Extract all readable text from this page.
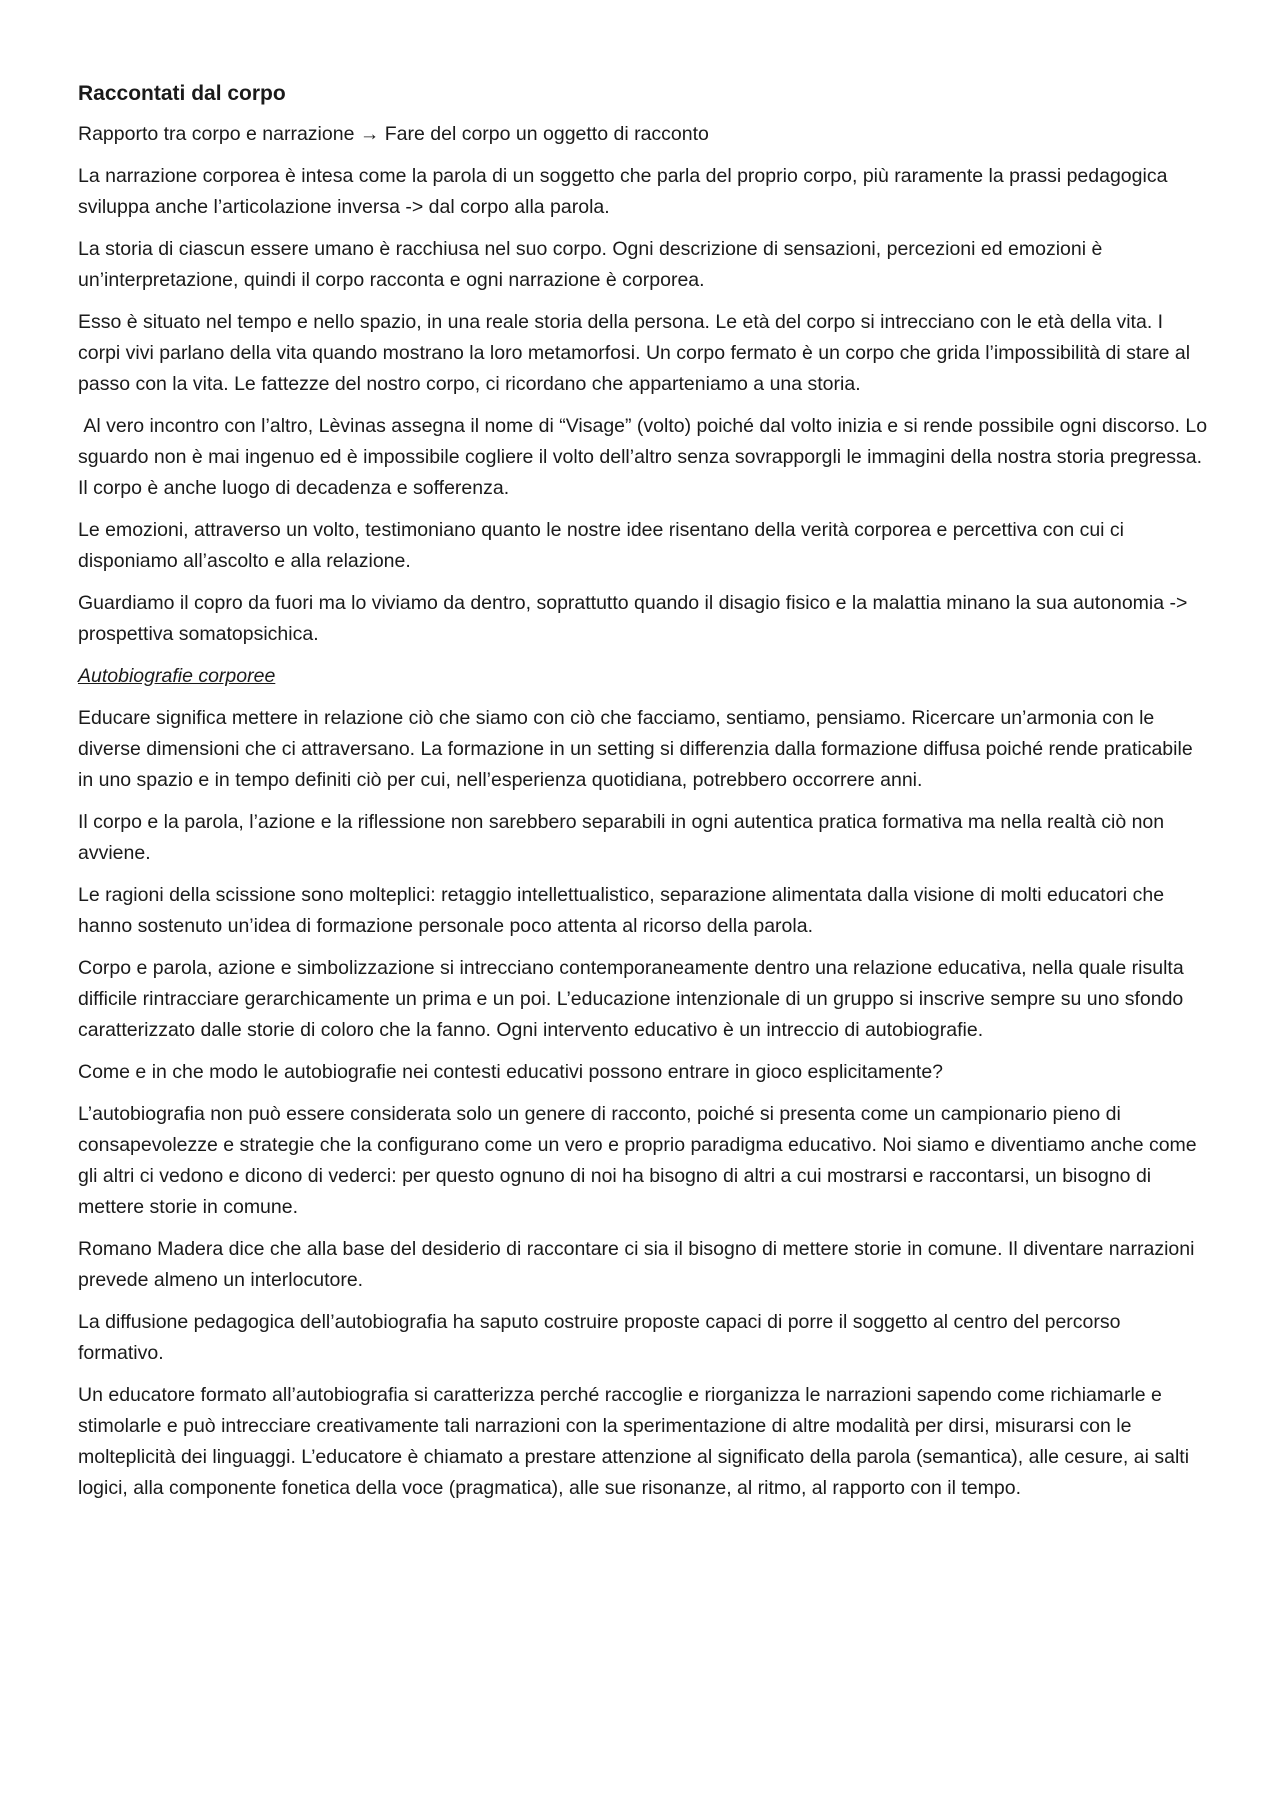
Raccontati dal corpo

Rapporto tra corpo e narrazione → Fare del corpo un oggetto di racconto

La narrazione corporea è intesa come la parola di un soggetto che parla del proprio corpo, più raramente la prassi pedagogica sviluppa anche l’articolazione inversa -> dal corpo alla parola.

La storia di ciascun essere umano è racchiusa nel suo corpo. Ogni descrizione di sensazioni, percezioni ed emozioni è un’interpretazione, quindi il corpo racconta e ogni narrazione è corporea.

Esso è situato nel tempo e nello spazio, in una reale storia della persona. Le età del corpo si intrecciano con le età della vita. I corpi vivi parlano della vita quando mostrano la loro metamorfosi. Un corpo fermato è un corpo che grida l’impossibilità di stare al passo con la vita. Le fattezze del nostro corpo, ci ricordano che apparteniamo a una storia.

Al vero incontro con l’altro, Lèvinas assegna il nome di “Visage” (volto) poiché dal volto inizia e si rende possibile ogni discorso. Lo sguardo non è mai ingenuo ed è impossibile cogliere il volto dell’altro senza sovrapporgli le immagini della nostra storia pregressa. Il corpo è anche luogo di decadenza e sofferenza.

Le emozioni, attraverso un volto, testimoniano quanto le nostre idee risentano della verità corporea e percettiva con cui ci disponiamo all’ascolto e alla relazione.

Guardiamo il copro da fuori ma lo viviamo da dentro, soprattutto quando il disagio fisico e la malattia minano la sua autonomia -> prospettiva somatopsichica.

Autobiografie corporee

Educare significa mettere in relazione ciò che siamo con ciò che facciamo, sentiamo, pensiamo. Ricercare un’armonia con le diverse dimensioni che ci attraversano. La formazione in un setting si differenzia dalla formazione diffusa poiché rende praticabile in uno spazio e in tempo definiti ciò per cui, nell’esperienza quotidiana, potrebbero occorrere anni.

Il corpo e la parola, l’azione e la riflessione non sarebbero separabili in ogni autentica pratica formativa ma nella realtà ciò non avviene.

Le ragioni della scissione sono molteplici: retaggio intellettualistico, separazione alimentata dalla visione di molti educatori che hanno sostenuto un’idea di formazione personale poco attenta al ricorso della parola.

Corpo e parola, azione e simbolizzazione si intrecciano contemporaneamente dentro una relazione educativa, nella quale risulta difficile rintracciare gerarchicamente un prima e un poi. L’educazione intenzionale di un gruppo si inscrive sempre su uno sfondo caratterizzato dalle storie di coloro che la fanno. Ogni intervento educativo è un intreccio di autobiografie.

Come e in che modo le autobiografie nei contesti educativi possono entrare in gioco esplicitamente?

L’autobiografia non può essere considerata solo un genere di racconto, poiché si presenta come un campionario pieno di consapevolezze e strategie che la configurano come un vero e proprio paradigma educativo. Noi siamo e diventiamo anche come gli altri ci vedono e dicono di vederci: per questo ognuno di noi ha bisogno di altri a cui mostrarsi e raccontarsi, un bisogno di mettere storie in comune.

Romano Madera dice che alla base del desiderio di raccontare ci sia il bisogno di mettere storie in comune. Il diventare narrazioni prevede almeno un interlocutore.

La diffusione pedagogica dell’autobiografia ha saputo costruire proposte capaci di porre il soggetto al centro del percorso formativo.

Un educatore formato all’autobiografia si caratterizza perché raccoglie e riorganizza le narrazioni sapendo come richiamarle e stimolarle e può intrecciare creativamente tali narrazioni con la sperimentazione di altre modalità per dirsi, misurarsi con le molteplicità dei linguaggi. L’educatore è chiamato a prestare attenzione al significato della parola (semantica), alle cesure, ai salti logici, alla componente fonetica della voce (pragmatica), alle sue risonanze, al ritmo, al rapporto con il tempo.
